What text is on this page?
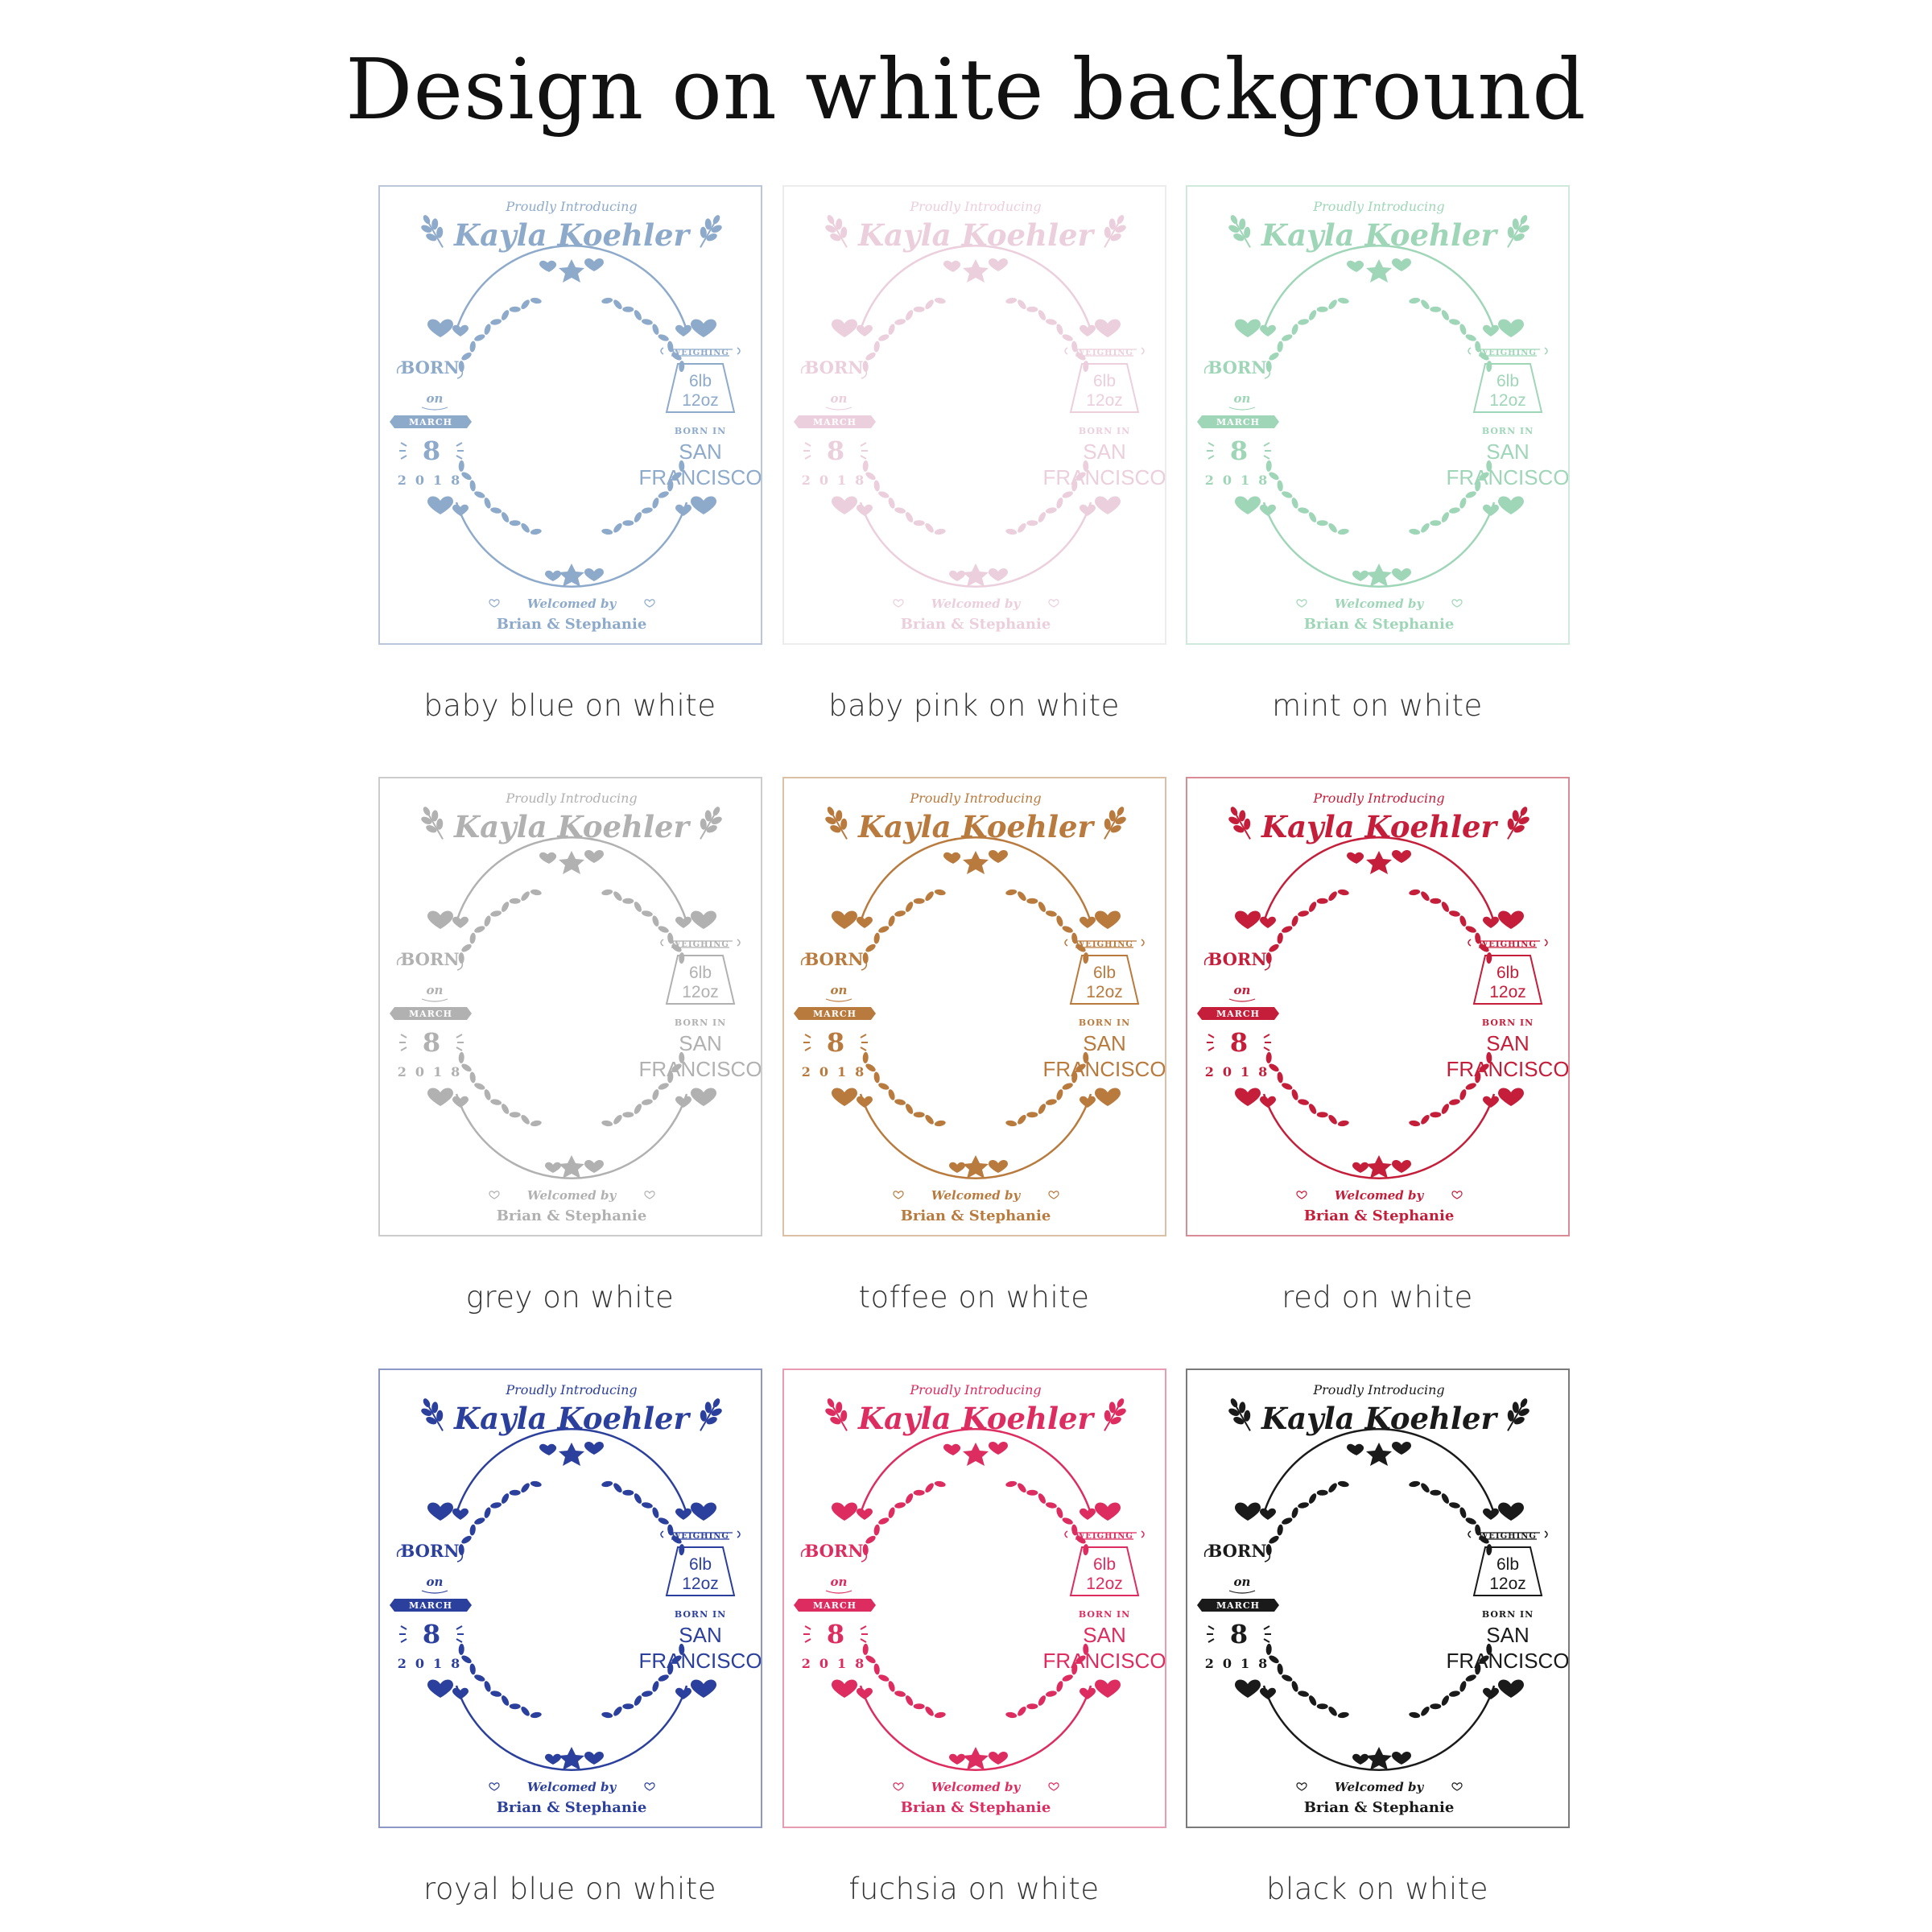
Design on white background
Proudly Introducing
Kayla Koehler
BORN
on
MARCH
8
2018
WEIGHING
6lb
12oz
BORN IN
SAN
FRANCISCO
Welcomed by
Brian & Stephanie
baby blue on white
Proudly Introducing
Kayla Koehler
BORN
on
MARCH
8
2018
WEIGHING
6lb
12oz
BORN IN
SAN
FRANCISCO
Welcomed by
Brian & Stephanie
baby pink on white
Proudly Introducing
Kayla Koehler
BORN
on
MARCH
8
2018
WEIGHING
6lb
12oz
BORN IN
SAN
FRANCISCO
Welcomed by
Brian & Stephanie
mint on white
Proudly Introducing
Kayla Koehler
BORN
on
MARCH
8
2018
WEIGHING
6lb
12oz
BORN IN
SAN
FRANCISCO
Welcomed by
Brian & Stephanie
grey on white
Proudly Introducing
Kayla Koehler
BORN
on
MARCH
8
2018
WEIGHING
6lb
12oz
BORN IN
SAN
FRANCISCO
Welcomed by
Brian & Stephanie
toffee on white
Proudly Introducing
Kayla Koehler
BORN
on
MARCH
8
2018
WEIGHING
6lb
12oz
BORN IN
SAN
FRANCISCO
Welcomed by
Brian & Stephanie
red on white
Proudly Introducing
Kayla Koehler
BORN
on
MARCH
8
2018
WEIGHING
6lb
12oz
BORN IN
SAN
FRANCISCO
Welcomed by
Brian & Stephanie
royal blue on white
Proudly Introducing
Kayla Koehler
BORN
on
MARCH
8
2018
WEIGHING
6lb
12oz
BORN IN
SAN
FRANCISCO
Welcomed by
Brian & Stephanie
fuchsia on white
Proudly Introducing
Kayla Koehler
BORN
on
MARCH
8
2018
WEIGHING
6lb
12oz
BORN IN
SAN
FRANCISCO
Welcomed by
Brian & Stephanie
black on white
